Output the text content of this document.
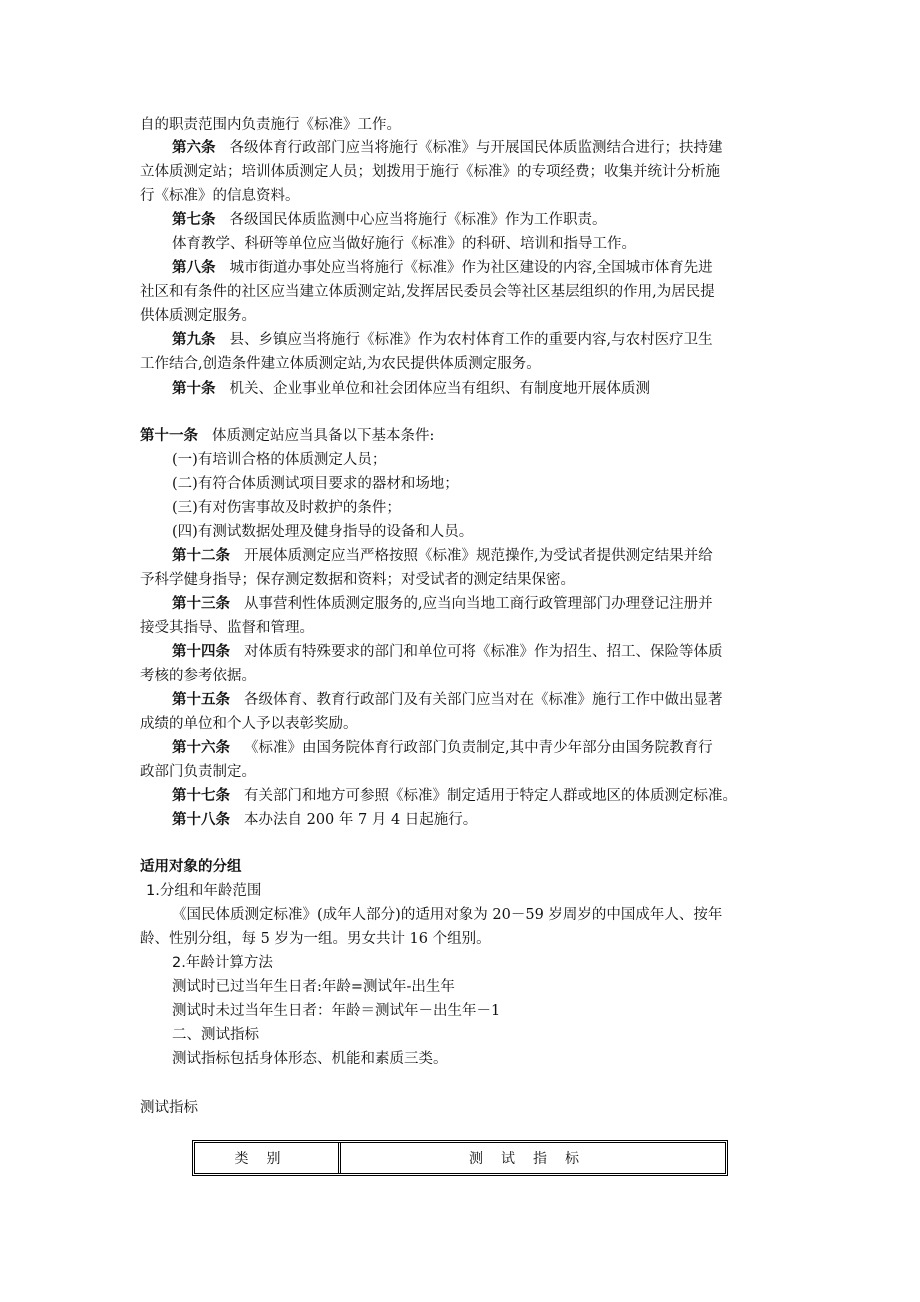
自的职责范围内负责施行《标准》工作。
第六条 各级体育行政部门应当将施行《标准》与开展国民体质监测结合进行；扶持建
立体质测定站；培训体质测定人员；划拨用于施行《标准》的专项经费；收集并统计分析施
行《标准》的信息资料。
第七条 各级国民体质监测中心应当将施行《标准》作为工作职责。
体育教学、科研等单位应当做好施行《标准》的科研、培训和指导工作。
第八条 城市街道办事处应当将施行《标准》作为社区建设的内容,全国城市体育先进
社区和有条件的社区应当建立体质测定站,发挥居民委员会等社区基层组织的作用,为居民提
供体质测定服务。
第九条 县、乡镇应当将施行《标准》作为农村体育工作的重要内容,与农村医疗卫生
工作结合,创造条件建立体质测定站,为农民提供体质测定服务。
第十条 机关、企业事业单位和社会团体应当有组织、有制度地开展体质测
第十一条 体质测定站应当具备以下基本条件:
(一)有培训合格的体质测定人员；
(二)有符合体质测试项目要求的器材和场地；
(三)有对伤害事故及时救护的条件；
(四)有测试数据处理及健身指导的设备和人员。
第十二条 开展体质测定应当严格按照《标准》规范操作,为受试者提供测定结果并给
予科学健身指导；保存测定数据和资料；对受试者的测定结果保密。
第十三条 从事营利性体质测定服务的,应当向当地工商行政管理部门办理登记注册并
接受其指导、监督和管理。
第十四条 对体质有特殊要求的部门和单位可将《标准》作为招生、招工、保险等体质
考核的参考依据。
第十五条 各级体育、教育行政部门及有关部门应当对在《标准》施行工作中做出显著
成绩的单位和个人予以表彰奖励。
第十六条 《标准》由国务院体育行政部门负责制定,其中青少年部分由国务院教育行
政部门负责制定。
第十七条 有关部门和地方可参照《标准》制定适用于特定人群或地区的体质测定标准。
第十八条 本办法自 200 年 7 月 4 日起施行。
适用对象的分组
1.分组和年龄范围
《国民体质测定标准》(成年人部分)的适用对象为 20－59 岁周岁的中国成年人、按年
龄、性别分组，每 5 岁为一组。男女共计 16 个组别。
2.年龄计算方法
测试时已过当年生日者:年龄=测试年-出生年
测试时未过当年生日者：年龄＝测试年－出生年－1
二、测试指标
测试指标包括身体形态、机能和素质三类。
测试指标
类别	测试指标
